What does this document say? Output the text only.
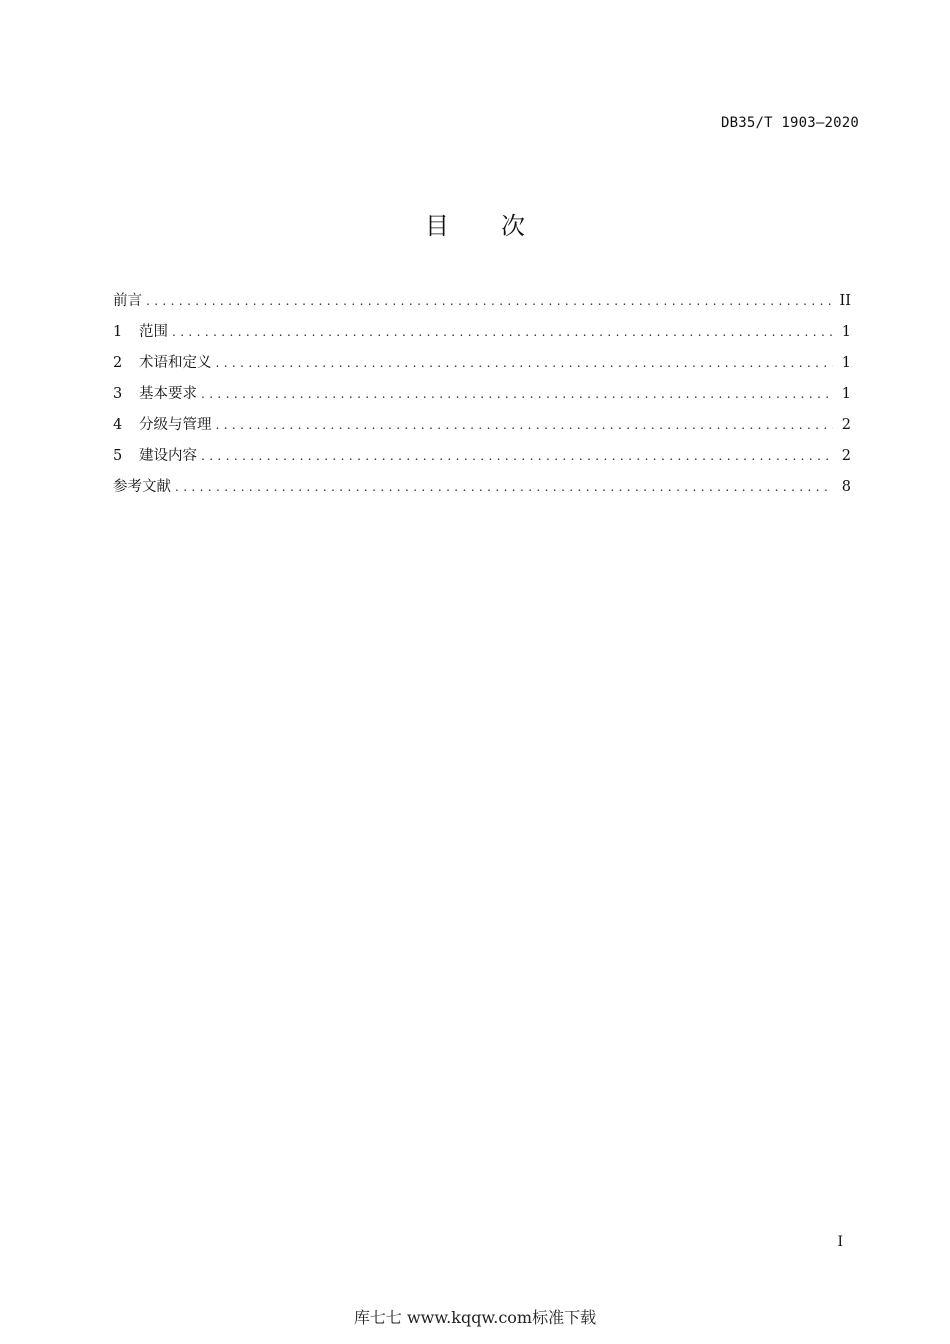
DB35/T 1903—2020
目次
前言 .....	II
1	范围 .....	1
2	术语和定义 .....	1
3	基本要求 .....	1
4	分级与管理 .....	2
5	建设内容 .....	2
参考文献 .....	8
I
库七七 www.kqqw.com标准下载
